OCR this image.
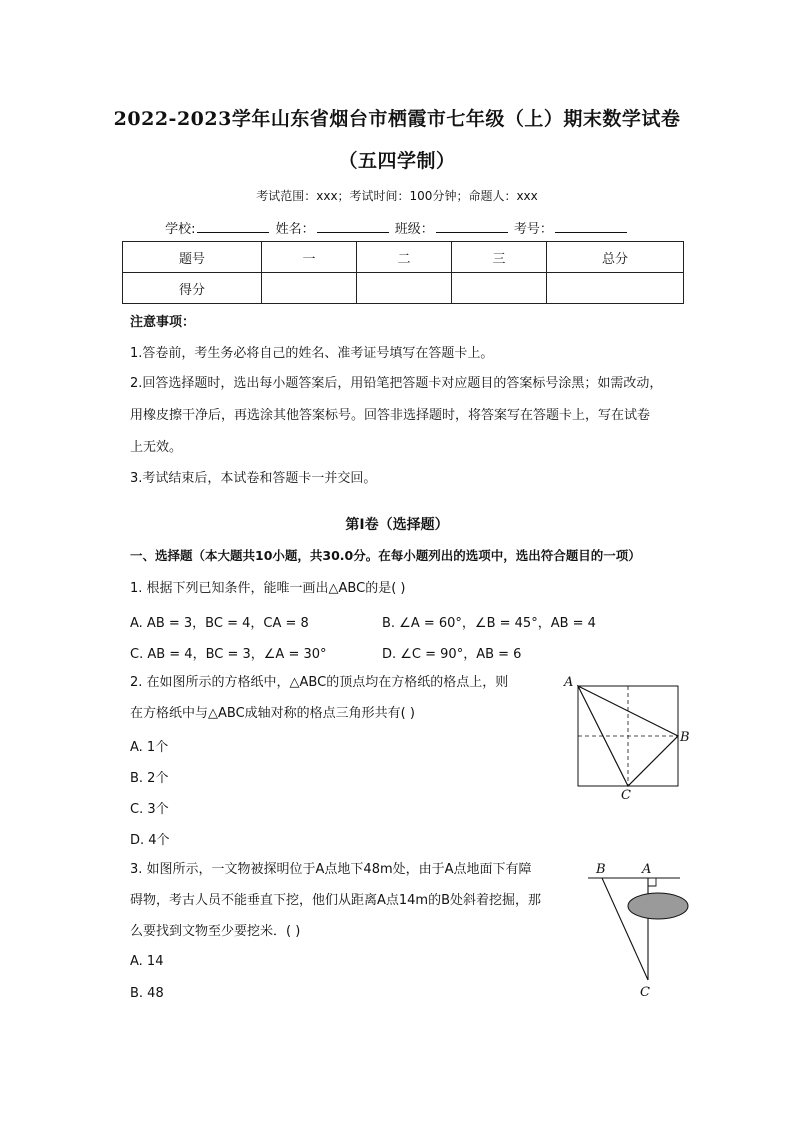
2022-2023学年山东省烟台市栖霞市七年级（上）期末数学试卷
（五四学制）
考试范围：xxx；考试时间：100分钟；命题人：xxx
学校:	姓名：	班级：	考号：
题号	一	二	三	总分
得分				
注意事项：
1.答卷前，考生务必将自己的姓名、准考证号填写在答题卡上。
2.回答选择题时，选出每小题答案后，用铅笔把答题卡对应题目的答案标号涂黑；如需改动，
用橡皮擦干净后，再选涂其他答案标号。回答非选择题时，将答案写在答题卡上，写在试卷
上无效。
3.考试结束后，本试卷和答题卡一并交回。
第I卷（选择题）
一、选择题（本大题共10小题，共30.0分。在每小题列出的选项中，选出符合题目的一项）
1. 根据下列已知条件，能唯一画出△ABC的是( )
A. AB = 3，BC = 4，CA = 8	B. ∠A = 60°，∠B = 45°，AB = 4
C. AB = 4，BC = 3，∠A = 30°	D. ∠C = 90°，AB = 6
2. 在如图所示的方格纸中，△ABC的顶点均在方格纸的格点上，则
在方格纸中与△ABC成轴对称的格点三角形共有( )
A. 1个
B. 2个
C. 3个
D. 4个
A
B
C
3. 如图所示，一文物被探明位于A点地下48m处，由于A点地面下有障
碍物，考古人员不能垂直下挖，他们从距离A点14m的B处斜着挖掘，那
么要找到文物至少要挖米．( )
A. 14
B. 48
B	A
C
